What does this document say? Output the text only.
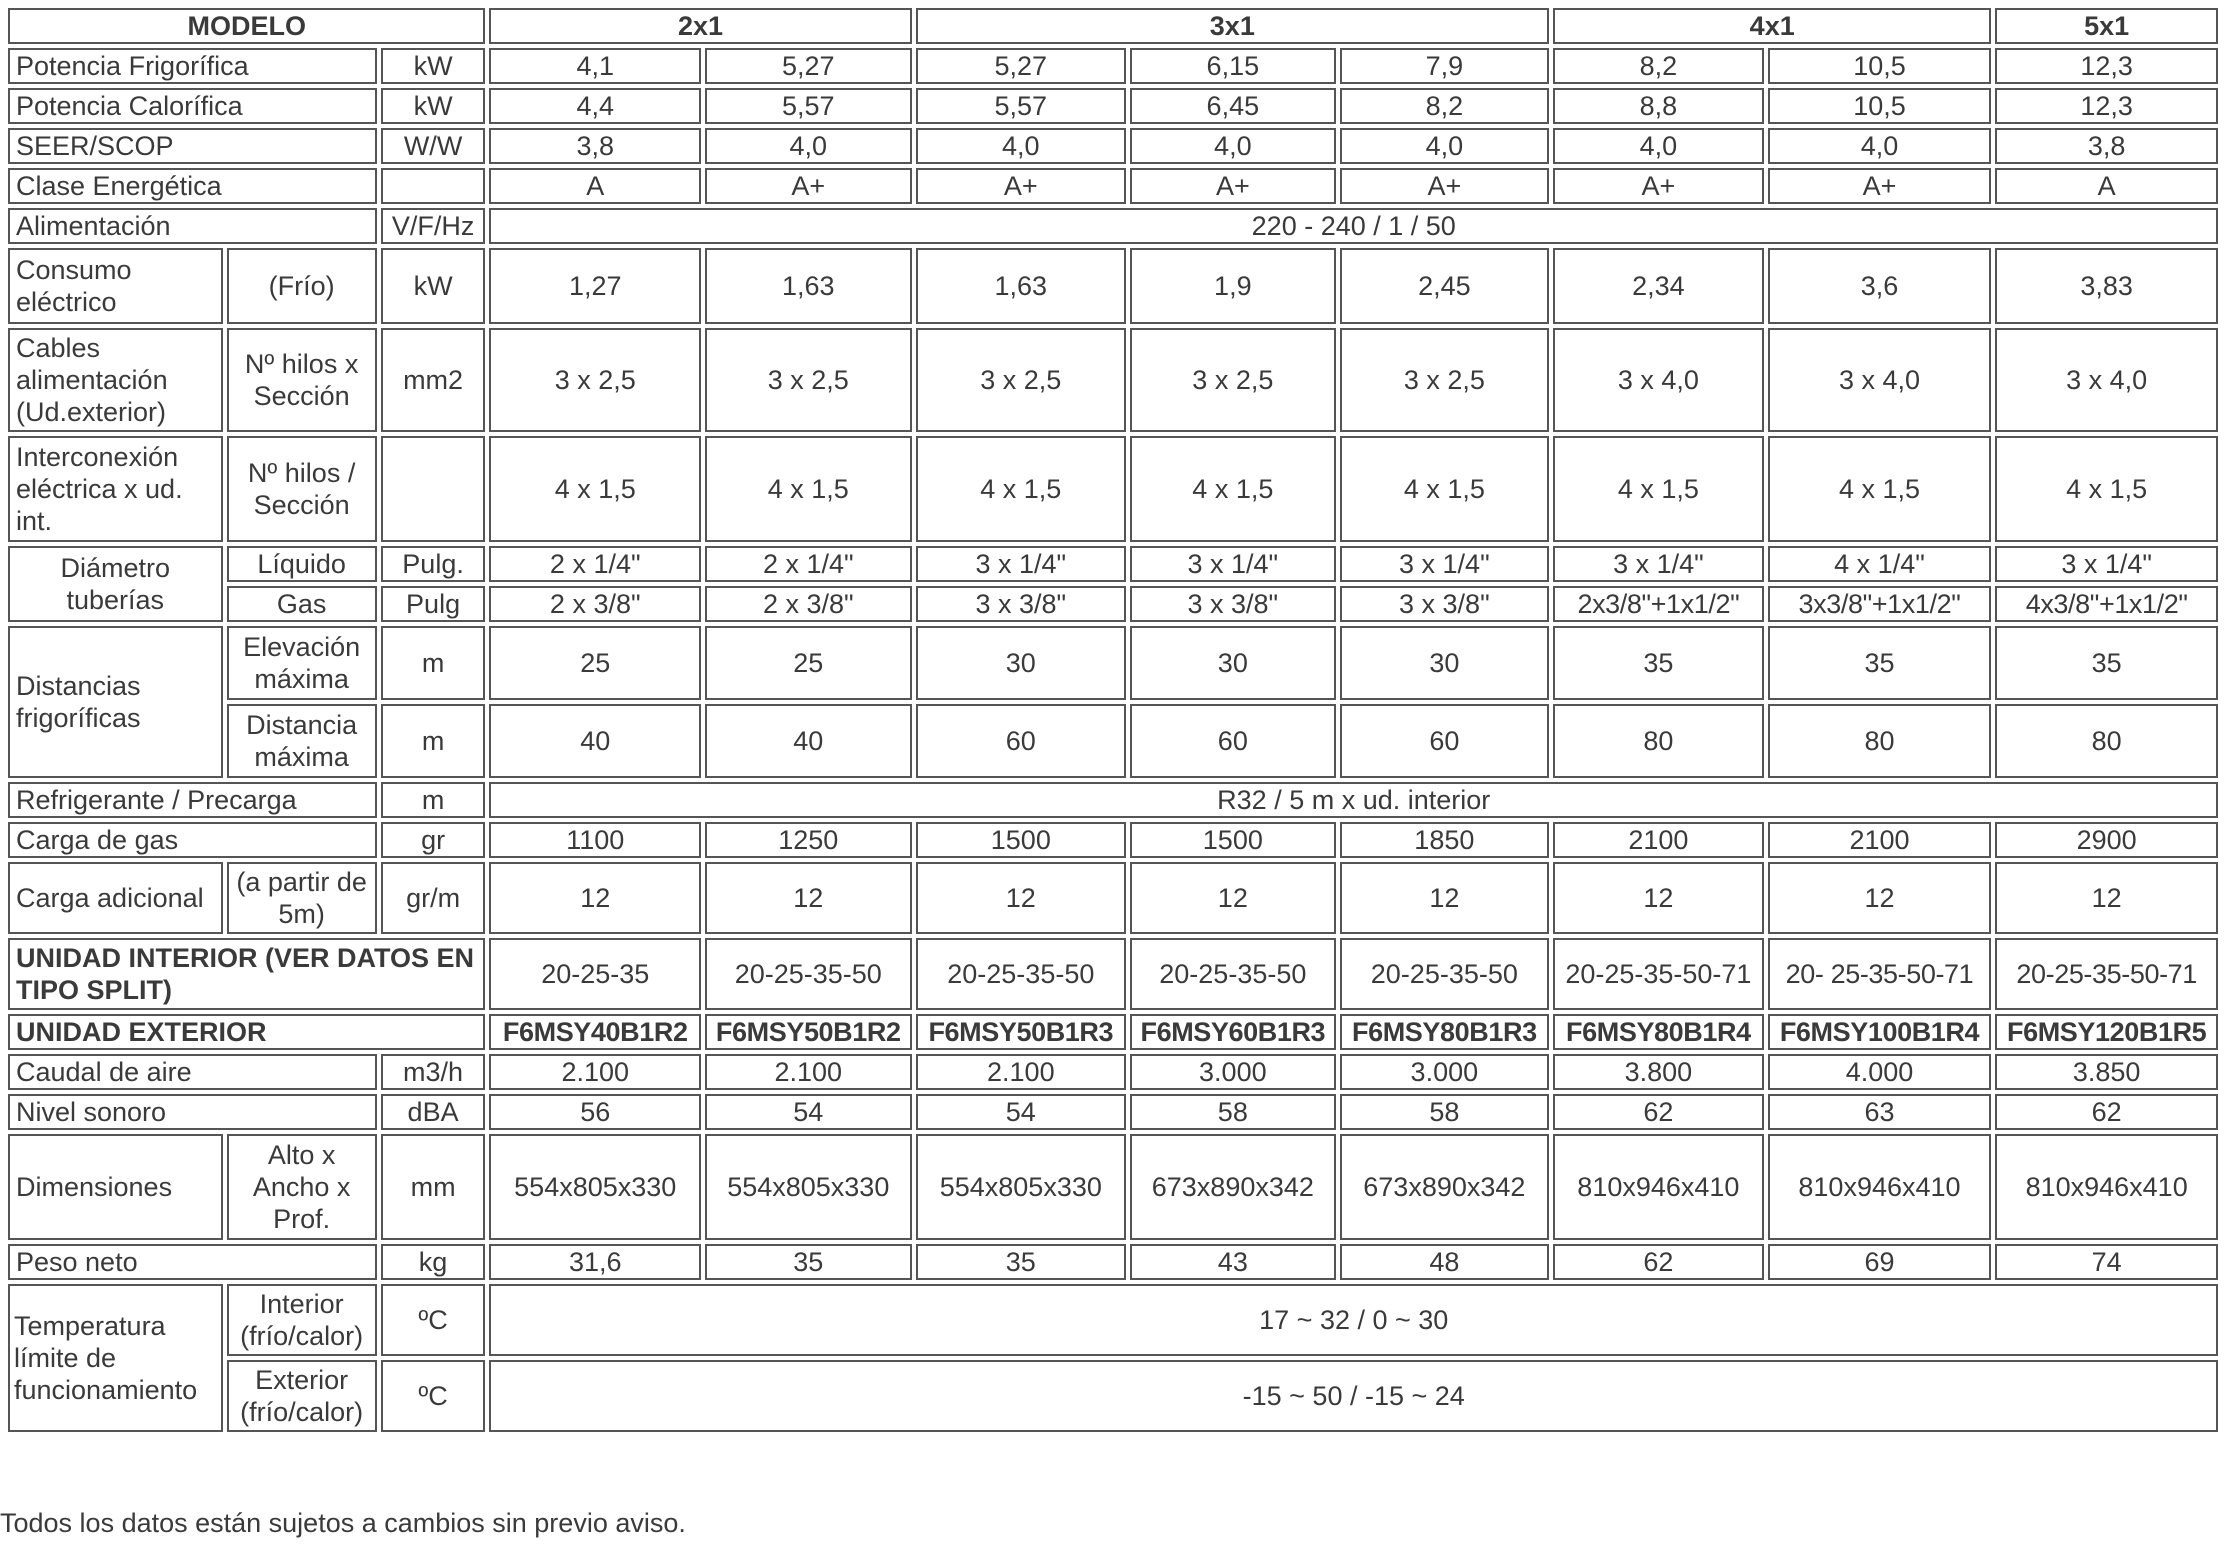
MODELO			2x1		3x1			4x1		5x1
Potencia Frigorífica		kW	4,1	5,27	5,27	6,15	7,9	8,2	10,5	12,3
Potencia Calorífica		kW	4,4	5,57	5,57	6,45	8,2	8,8	10,5	12,3
SEER/SCOP		W/W	3,8	4,0	4,0	4,0	4,0	4,0	4,0	3,8
Clase Energética			A	A+	A+	A+	A+	A+	A+	A
Alimentación		V/F/Hz	220 - 240 / 1 / 50							
Consumo eléctrico	(Frío)	kW	1,27	1,63	1,63	1,9	2,45	2,34	3,6	3,83
Cables alimentación (Ud.exterior)	Nº hilos x Sección	mm2	3 x 2,5	3 x 2,5	3 x 2,5	3 x 2,5	3 x 2,5	3 x 4,0	3 x 4,0	3 x 4,0
Interconexión eléctrica x ud. int.	Nº hilos / Sección		4 x 1,5	4 x 1,5	4 x 1,5	4 x 1,5	4 x 1,5	4 x 1,5	4 x 1,5	4 x 1,5
Diámetro tuberías	Líquido	Pulg.	2 x 1/4"	2 x 1/4"	3 x 1/4"	3 x 1/4"	3 x 1/4"	3 x 1/4"	4 x 1/4"	3 x 1/4"
	Gas	Pulg	2 x 3/8"	2 x 3/8"	3 x 3/8"	3 x 3/8"	3 x 3/8"	2x3/8"+1x1/2"	3x3/8"+1x1/2"	4x3/8"+1x1/2"
Distancias frigoríficas	Elevación máxima	m	25	25	30	30	30	35	35	35
	Distancia máxima	m	40	40	60	60	60	80	80	80
Refrigerante / Precarga		m	R32 / 5 m x ud. interior							
Carga de gas		gr	1100	1250	1500	1500	1850	2100	2100	2900
Carga adicional	(a partir de 5m)	gr/m	12	12	12	12	12	12	12	12
UNIDAD INTERIOR (VER DATOS EN TIPO SPLIT)			20-25-35	20-25-35-50	20-25-35-50	20-25-35-50	20-25-35-50	20-25-35-50-71	20- 25-35-50-71	20-25-35-50-71
UNIDAD EXTERIOR			F6MSY40B1R2	F6MSY50B1R2	F6MSY50B1R3	F6MSY60B1R3	F6MSY80B1R3	F6MSY80B1R4	F6MSY100B1R4	F6MSY120B1R5
Caudal de aire		m3/h	2.100	2.100	2.100	3.000	3.000	3.800	4.000	3.850
Nivel sonoro		dBA	56	54	54	58	58	62	63	62
Dimensiones	Alto x Ancho x Prof.	mm	554x805x330	554x805x330	554x805x330	673x890x342	673x890x342	810x946x410	810x946x410	810x946x410
Peso neto		kg	31,6	35	35	43	48	62	69	74
Temperatura límite de funcionamiento	Interior (frío/calor)	ºC	17 ~ 32 / 0 ~ 30							
	Exterior (frío/calor)	ºC	-15 ~ 50 / -15 ~ 24							
Todos los datos están sujetos a cambios sin previo aviso.
